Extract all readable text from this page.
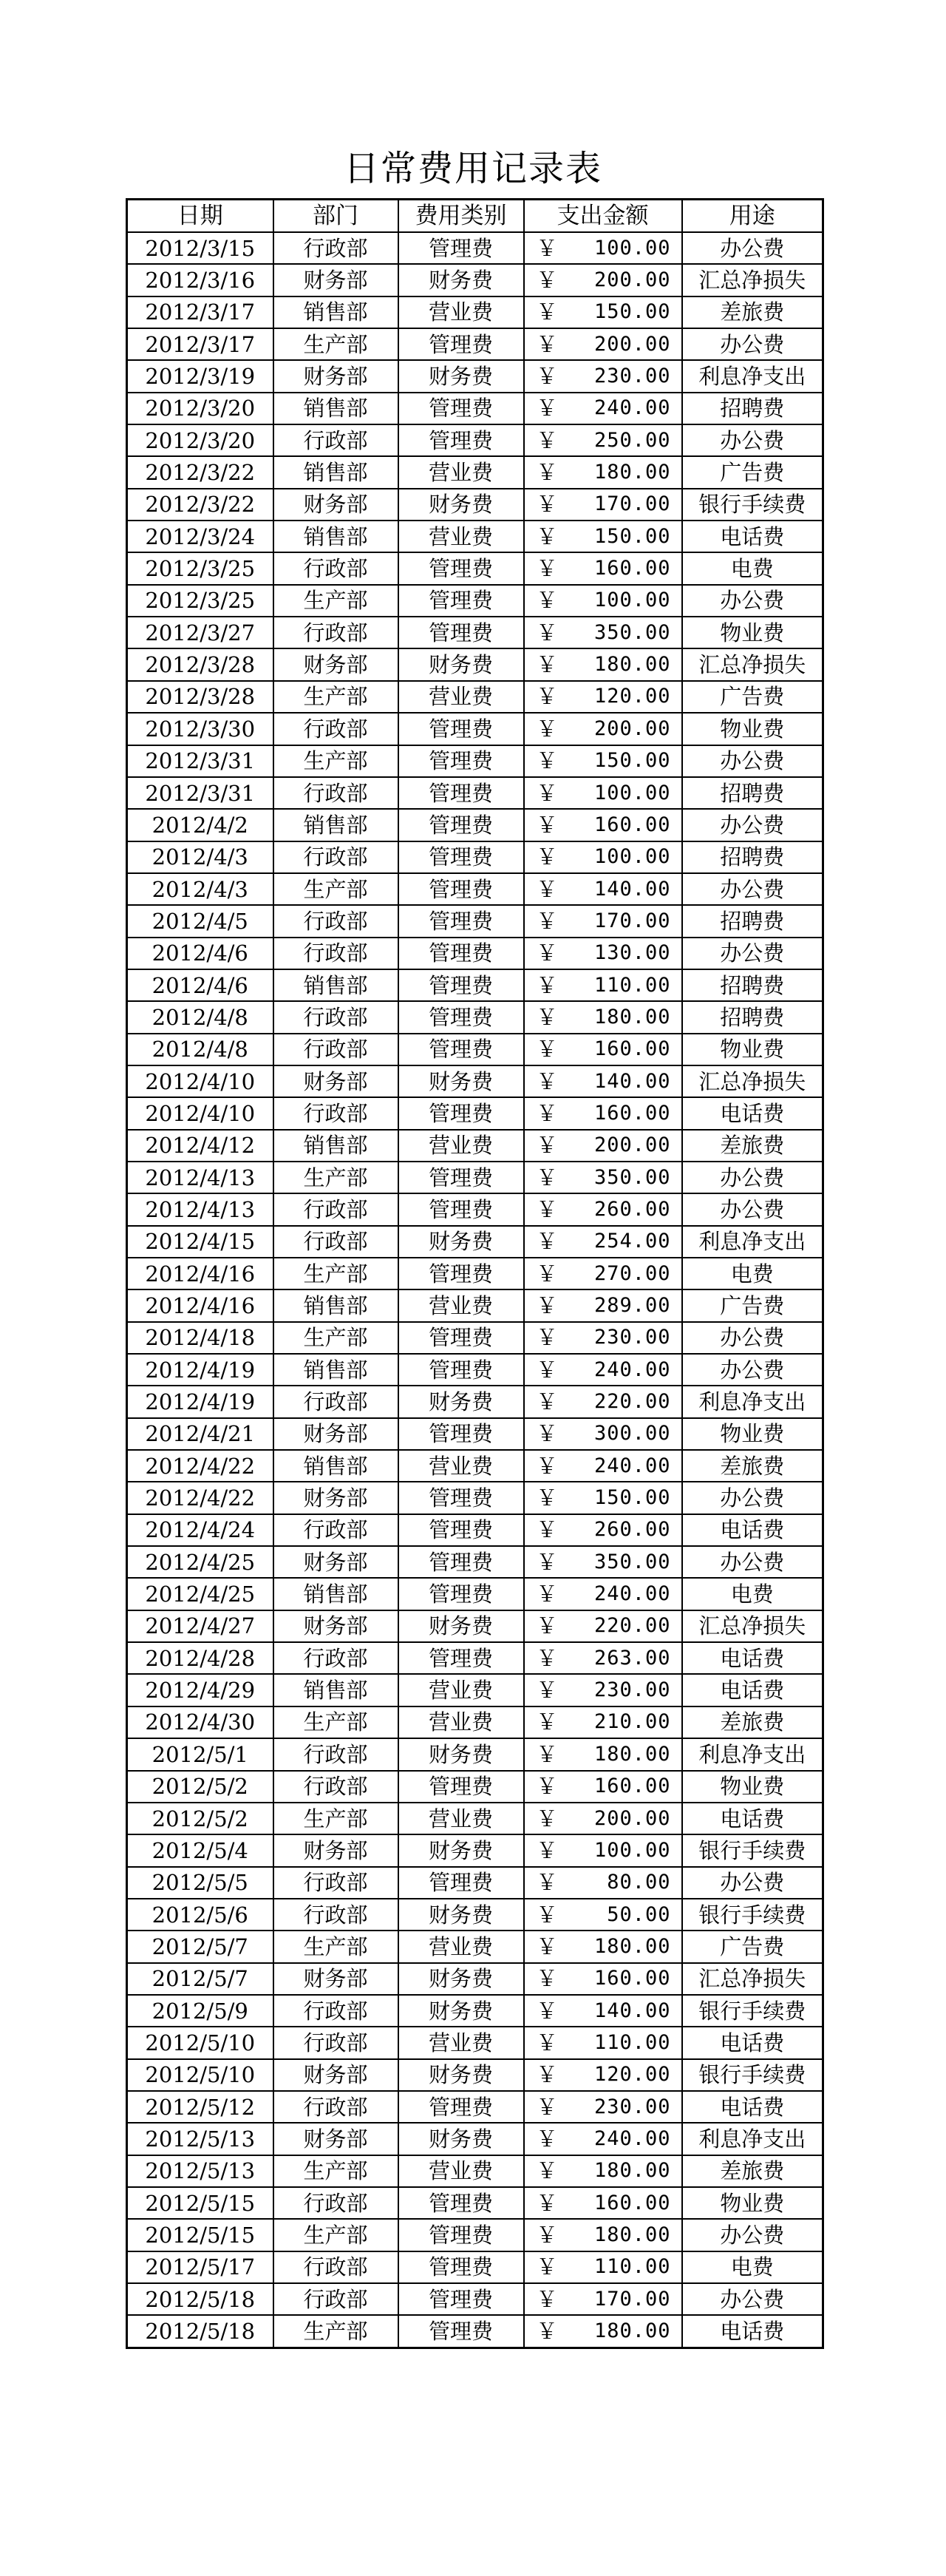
日常费用记录表
日期	部门	费用类别	支出金额	用途
2012/3/15	行政部	管理费	￥ 100.00	办公费
2012/3/16	财务部	财务费	￥ 200.00	汇总净损失
2012/3/17	销售部	营业费	￥ 150.00	差旅费
2012/3/17	生产部	管理费	￥ 200.00	办公费
2012/3/19	财务部	财务费	￥ 230.00	利息净支出
2012/3/20	销售部	管理费	￥ 240.00	招聘费
2012/3/20	行政部	管理费	￥ 250.00	办公费
2012/3/22	销售部	营业费	￥ 180.00	广告费
2012/3/22	财务部	财务费	￥ 170.00	银行手续费
2012/3/24	销售部	营业费	￥ 150.00	电话费
2012/3/25	行政部	管理费	￥ 160.00	电费
2012/3/25	生产部	管理费	￥ 100.00	办公费
2012/3/27	行政部	管理费	￥ 350.00	物业费
2012/3/28	财务部	财务费	￥ 180.00	汇总净损失
2012/3/28	生产部	营业费	￥ 120.00	广告费
2012/3/30	行政部	管理费	￥ 200.00	物业费
2012/3/31	生产部	管理费	￥ 150.00	办公费
2012/3/31	行政部	管理费	￥ 100.00	招聘费
2012/4/2	销售部	管理费	￥ 160.00	办公费
2012/4/3	行政部	管理费	￥ 100.00	招聘费
2012/4/3	生产部	管理费	￥ 140.00	办公费
2012/4/5	行政部	管理费	￥ 170.00	招聘费
2012/4/6	行政部	管理费	￥ 130.00	办公费
2012/4/6	销售部	管理费	￥ 110.00	招聘费
2012/4/8	行政部	管理费	￥ 180.00	招聘费
2012/4/8	行政部	管理费	￥ 160.00	物业费
2012/4/10	财务部	财务费	￥ 140.00	汇总净损失
2012/4/10	行政部	管理费	￥ 160.00	电话费
2012/4/12	销售部	营业费	￥ 200.00	差旅费
2012/4/13	生产部	管理费	￥ 350.00	办公费
2012/4/13	行政部	管理费	￥ 260.00	办公费
2012/4/15	行政部	财务费	￥ 254.00	利息净支出
2012/4/16	生产部	管理费	￥ 270.00	电费
2012/4/16	销售部	营业费	￥ 289.00	广告费
2012/4/18	生产部	管理费	￥ 230.00	办公费
2012/4/19	销售部	管理费	￥ 240.00	办公费
2012/4/19	行政部	财务费	￥ 220.00	利息净支出
2012/4/21	财务部	管理费	￥ 300.00	物业费
2012/4/22	销售部	营业费	￥ 240.00	差旅费
2012/4/22	财务部	管理费	￥ 150.00	办公费
2012/4/24	行政部	管理费	￥ 260.00	电话费
2012/4/25	财务部	管理费	￥ 350.00	办公费
2012/4/25	销售部	管理费	￥ 240.00	电费
2012/4/27	财务部	财务费	￥ 220.00	汇总净损失
2012/4/28	行政部	管理费	￥ 263.00	电话费
2012/4/29	销售部	营业费	￥ 230.00	电话费
2012/4/30	生产部	营业费	￥ 210.00	差旅费
2012/5/1	行政部	财务费	￥ 180.00	利息净支出
2012/5/2	行政部	管理费	￥ 160.00	物业费
2012/5/2	生产部	营业费	￥ 200.00	电话费
2012/5/4	财务部	财务费	￥ 100.00	银行手续费
2012/5/5	行政部	管理费	￥ 80.00	办公费
2012/5/6	行政部	财务费	￥ 50.00	银行手续费
2012/5/7	生产部	营业费	￥ 180.00	广告费
2012/5/7	财务部	财务费	￥ 160.00	汇总净损失
2012/5/9	行政部	财务费	￥ 140.00	银行手续费
2012/5/10	行政部	营业费	￥ 110.00	电话费
2012/5/10	财务部	财务费	￥ 120.00	银行手续费
2012/5/12	行政部	管理费	￥ 230.00	电话费
2012/5/13	财务部	财务费	￥ 240.00	利息净支出
2012/5/13	生产部	营业费	￥ 180.00	差旅费
2012/5/15	行政部	管理费	￥ 160.00	物业费
2012/5/15	生产部	管理费	￥ 180.00	办公费
2012/5/17	行政部	管理费	￥ 110.00	电费
2012/5/18	行政部	管理费	￥ 170.00	办公费
2012/5/18	生产部	管理费	￥ 180.00	电话费
